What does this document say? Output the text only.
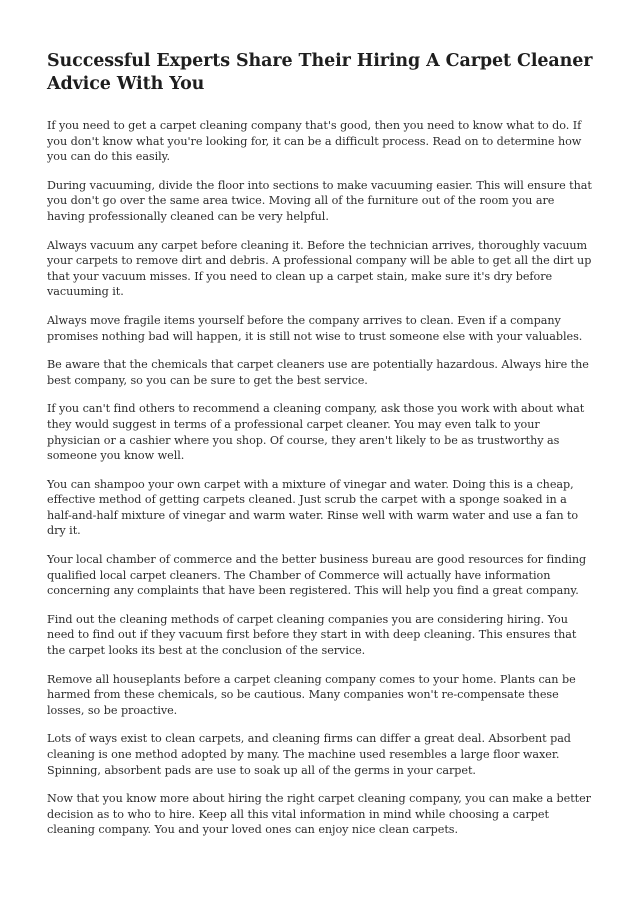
Successful Experts Share Their Hiring A Carpet Cleaner Advice With You

If you need to get a carpet cleaning company that's good, then you need to know what to do. If you don't know what you're looking for, it can be a difficult process. Read on to determine how you can do this easily.

During vacuuming, divide the floor into sections to make vacuuming easier. This will ensure that you don't go over the same area twice. Moving all of the furniture out of the room you are having professionally cleaned can be very helpful.

Always vacuum any carpet before cleaning it. Before the technician arrives, thoroughly vacuum your carpets to remove dirt and debris. A professional company will be able to get all the dirt up that your vacuum misses. If you need to clean up a carpet stain, make sure it's dry before vacuuming it.

Always move fragile items yourself before the company arrives to clean. Even if a company promises nothing bad will happen, it is still not wise to trust someone else with your valuables.

Be aware that the chemicals that carpet cleaners use are potentially hazardous. Always hire the best company, so you can be sure to get the best service.

If you can't find others to recommend a cleaning company, ask those you work with about what they would suggest in terms of a professional carpet cleaner. You may even talk to your physician or a cashier where you shop. Of course, they aren't likely to be as trustworthy as someone you know well.

You can shampoo your own carpet with a mixture of vinegar and water. Doing this is a cheap, effective method of getting carpets cleaned. Just scrub the carpet with a sponge soaked in a half-and-half mixture of vinegar and warm water. Rinse well with warm water and use a fan to dry it.

Your local chamber of commerce and the better business bureau are good resources for finding qualified local carpet cleaners. The Chamber of Commerce will actually have information concerning any complaints that have been registered. This will help you find a great company.

Find out the cleaning methods of carpet cleaning companies you are considering hiring. You need to find out if they vacuum first before they start in with deep cleaning. This ensures that the carpet looks its best at the conclusion of the service.

Remove all houseplants before a carpet cleaning company comes to your home. Plants can be harmed from these chemicals, so be cautious. Many companies won't re-compensate these losses, so be proactive.

Lots of ways exist to clean carpets, and cleaning firms can differ a great deal. Absorbent pad cleaning is one method adopted by many. The machine used resembles a large floor waxer. Spinning, absorbent pads are use to soak up all of the germs in your carpet.

Now that you know more about hiring the right carpet cleaning company, you can make a better decision as to who to hire. Keep all this vital information in mind while choosing a carpet cleaning company. You and your loved ones can enjoy nice clean carpets.
